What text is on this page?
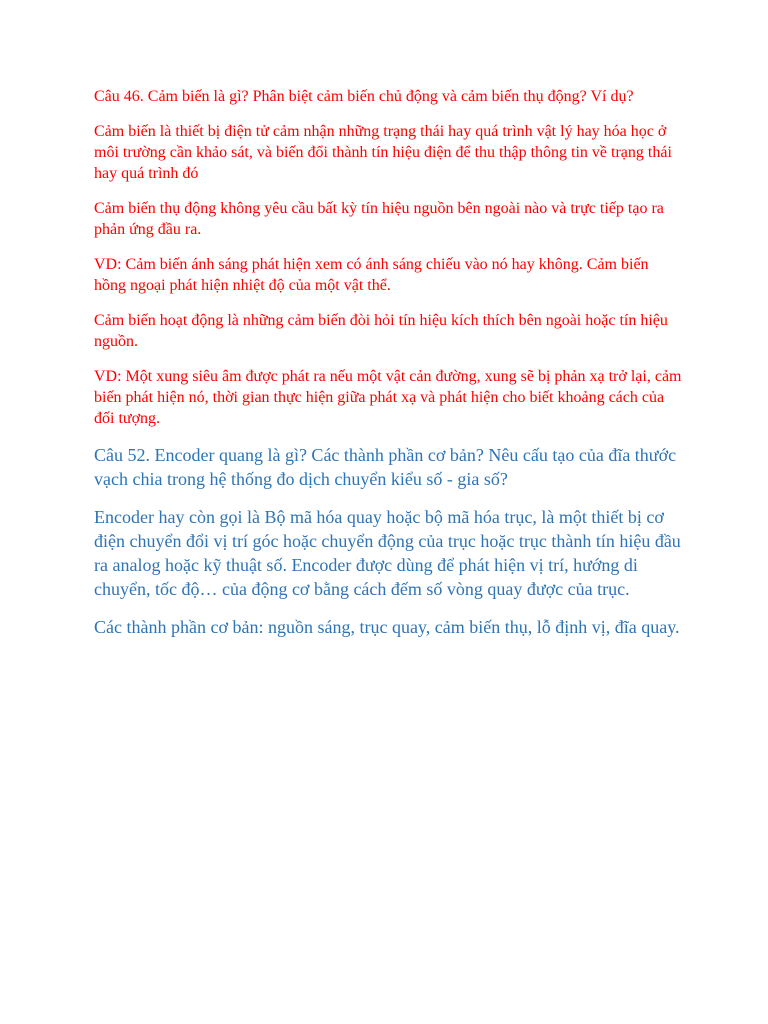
Câu 46. Cảm biến là gì? Phân biệt cảm biến chủ động và cảm biến thụ động? Ví dụ?

Cảm biến là thiết bị điện tử cảm nhận những trạng thái hay quá trình vật lý hay hóa học ở môi trường cần khảo sát, và biến đổi thành tín hiệu điện để thu thập thông tin về trạng thái hay quá trình đó

Cảm biến thụ động không yêu cầu bất kỳ tín hiệu nguồn bên ngoài nào và trực tiếp tạo ra phản ứng đầu ra.

VD: Cảm biến ánh sáng phát hiện xem có ánh sáng chiếu vào nó hay không. Cảm biến hồng ngoại phát hiện nhiệt độ của một vật thể.

Cảm biến hoạt động là những cảm biến đòi hỏi tín hiệu kích thích bên ngoài hoặc tín hiệu nguồn.

VD: Một xung siêu âm được phát ra nếu một vật cản đường, xung sẽ bị phản xạ trở lại, cảm biến phát hiện nó, thời gian thực hiện giữa phát xạ và phát hiện cho biết khoảng cách của đối tượng.

Câu 52. Encoder quang là gì? Các thành phần cơ bản? Nêu cấu tạo của đĩa thước vạch chia trong hệ thống đo dịch chuyển kiểu số - gia số?

Encoder hay còn gọi là Bộ mã hóa quay hoặc bộ mã hóa trục, là một thiết bị cơ điện chuyển đổi vị trí góc hoặc chuyển động của trục hoặc trục thành tín hiệu đầu ra analog hoặc kỹ thuật số. Encoder được dùng để phát hiện vị trí, hướng di chuyển, tốc độ… của động cơ bằng cách đếm số vòng quay được của trục.

Các thành phần cơ bản: nguồn sáng, trục quay, cảm biến thụ, lỗ định vị, đĩa quay.
